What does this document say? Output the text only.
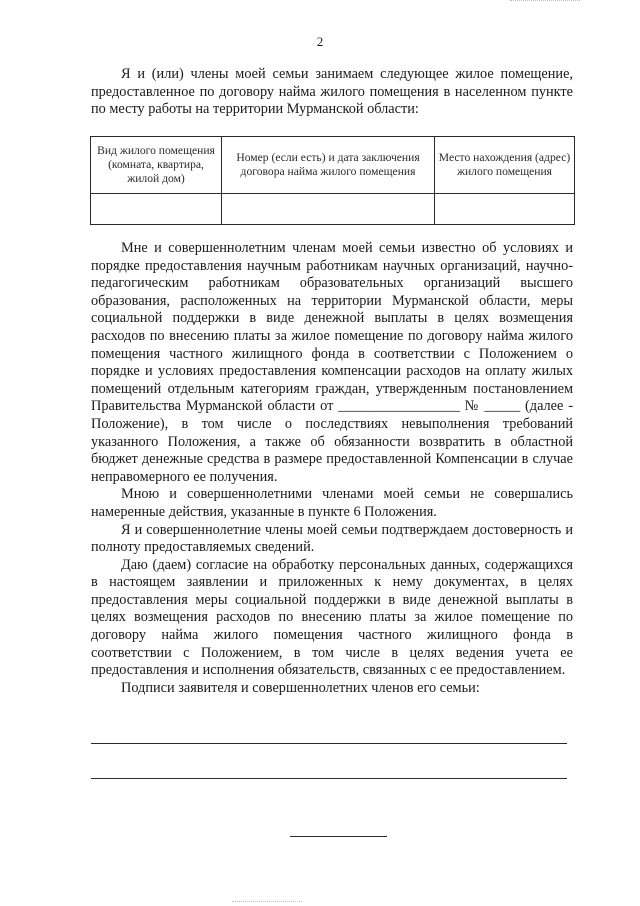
2

Я и (или) члены моей семьи занимаем следующее жилое помещение, предоставленное по договору найма жилого помещения в населенном пункте по месту работы на территории Мурманской области:

Вид жилого помещения (комната, квартира, жилой дом)	Номер (если есть) и дата заключения договора найма жилого помещения	Место нахождения (адрес) жилого помещения

Мне и совершеннолетним членам моей семьи известно об условиях и порядке предоставления научным работникам научных организаций, научно-педагогическим работникам образовательных организаций высшего образования, расположенных на территории Мурманской области, меры социальной поддержки в виде денежной выплаты в целях возмещения расходов по внесению платы за жилое помещение по договору найма жилого помещения частного жилищного фонда в соответствии с Положением о порядке и условиях предоставления компенсации расходов на оплату жилых помещений отдельным категориям граждан, утвержденным постановлением Правительства Мурманской области от _________________ № _____ (далее - Положение), в том числе о последствиях невыполнения требований указанного Положения, а также об обязанности возвратить в областной бюджет денежные средства в размере предоставленной Компенсации в случае неправомерного ее получения.

Мною и совершеннолетними членами моей семьи не совершались намеренные действия, указанные в пункте 6 Положения.

Я и совершеннолетние члены моей семьи подтверждаем достоверность и полноту предоставляемых сведений.

Даю (даем) согласие на обработку персональных данных, содержащихся в настоящем заявлении и приложенных к нему документах, в целях предоставления меры социальной поддержки в виде денежной выплаты в целях возмещения расходов по внесению платы за жилое помещение по договору найма жилого помещения частного жилищного фонда в соответствии с Положением, в том числе в целях ведения учета ее предоставления и исполнения обязательств, связанных с ее предоставлением.

Подписи заявителя и совершеннолетних членов его семьи:
